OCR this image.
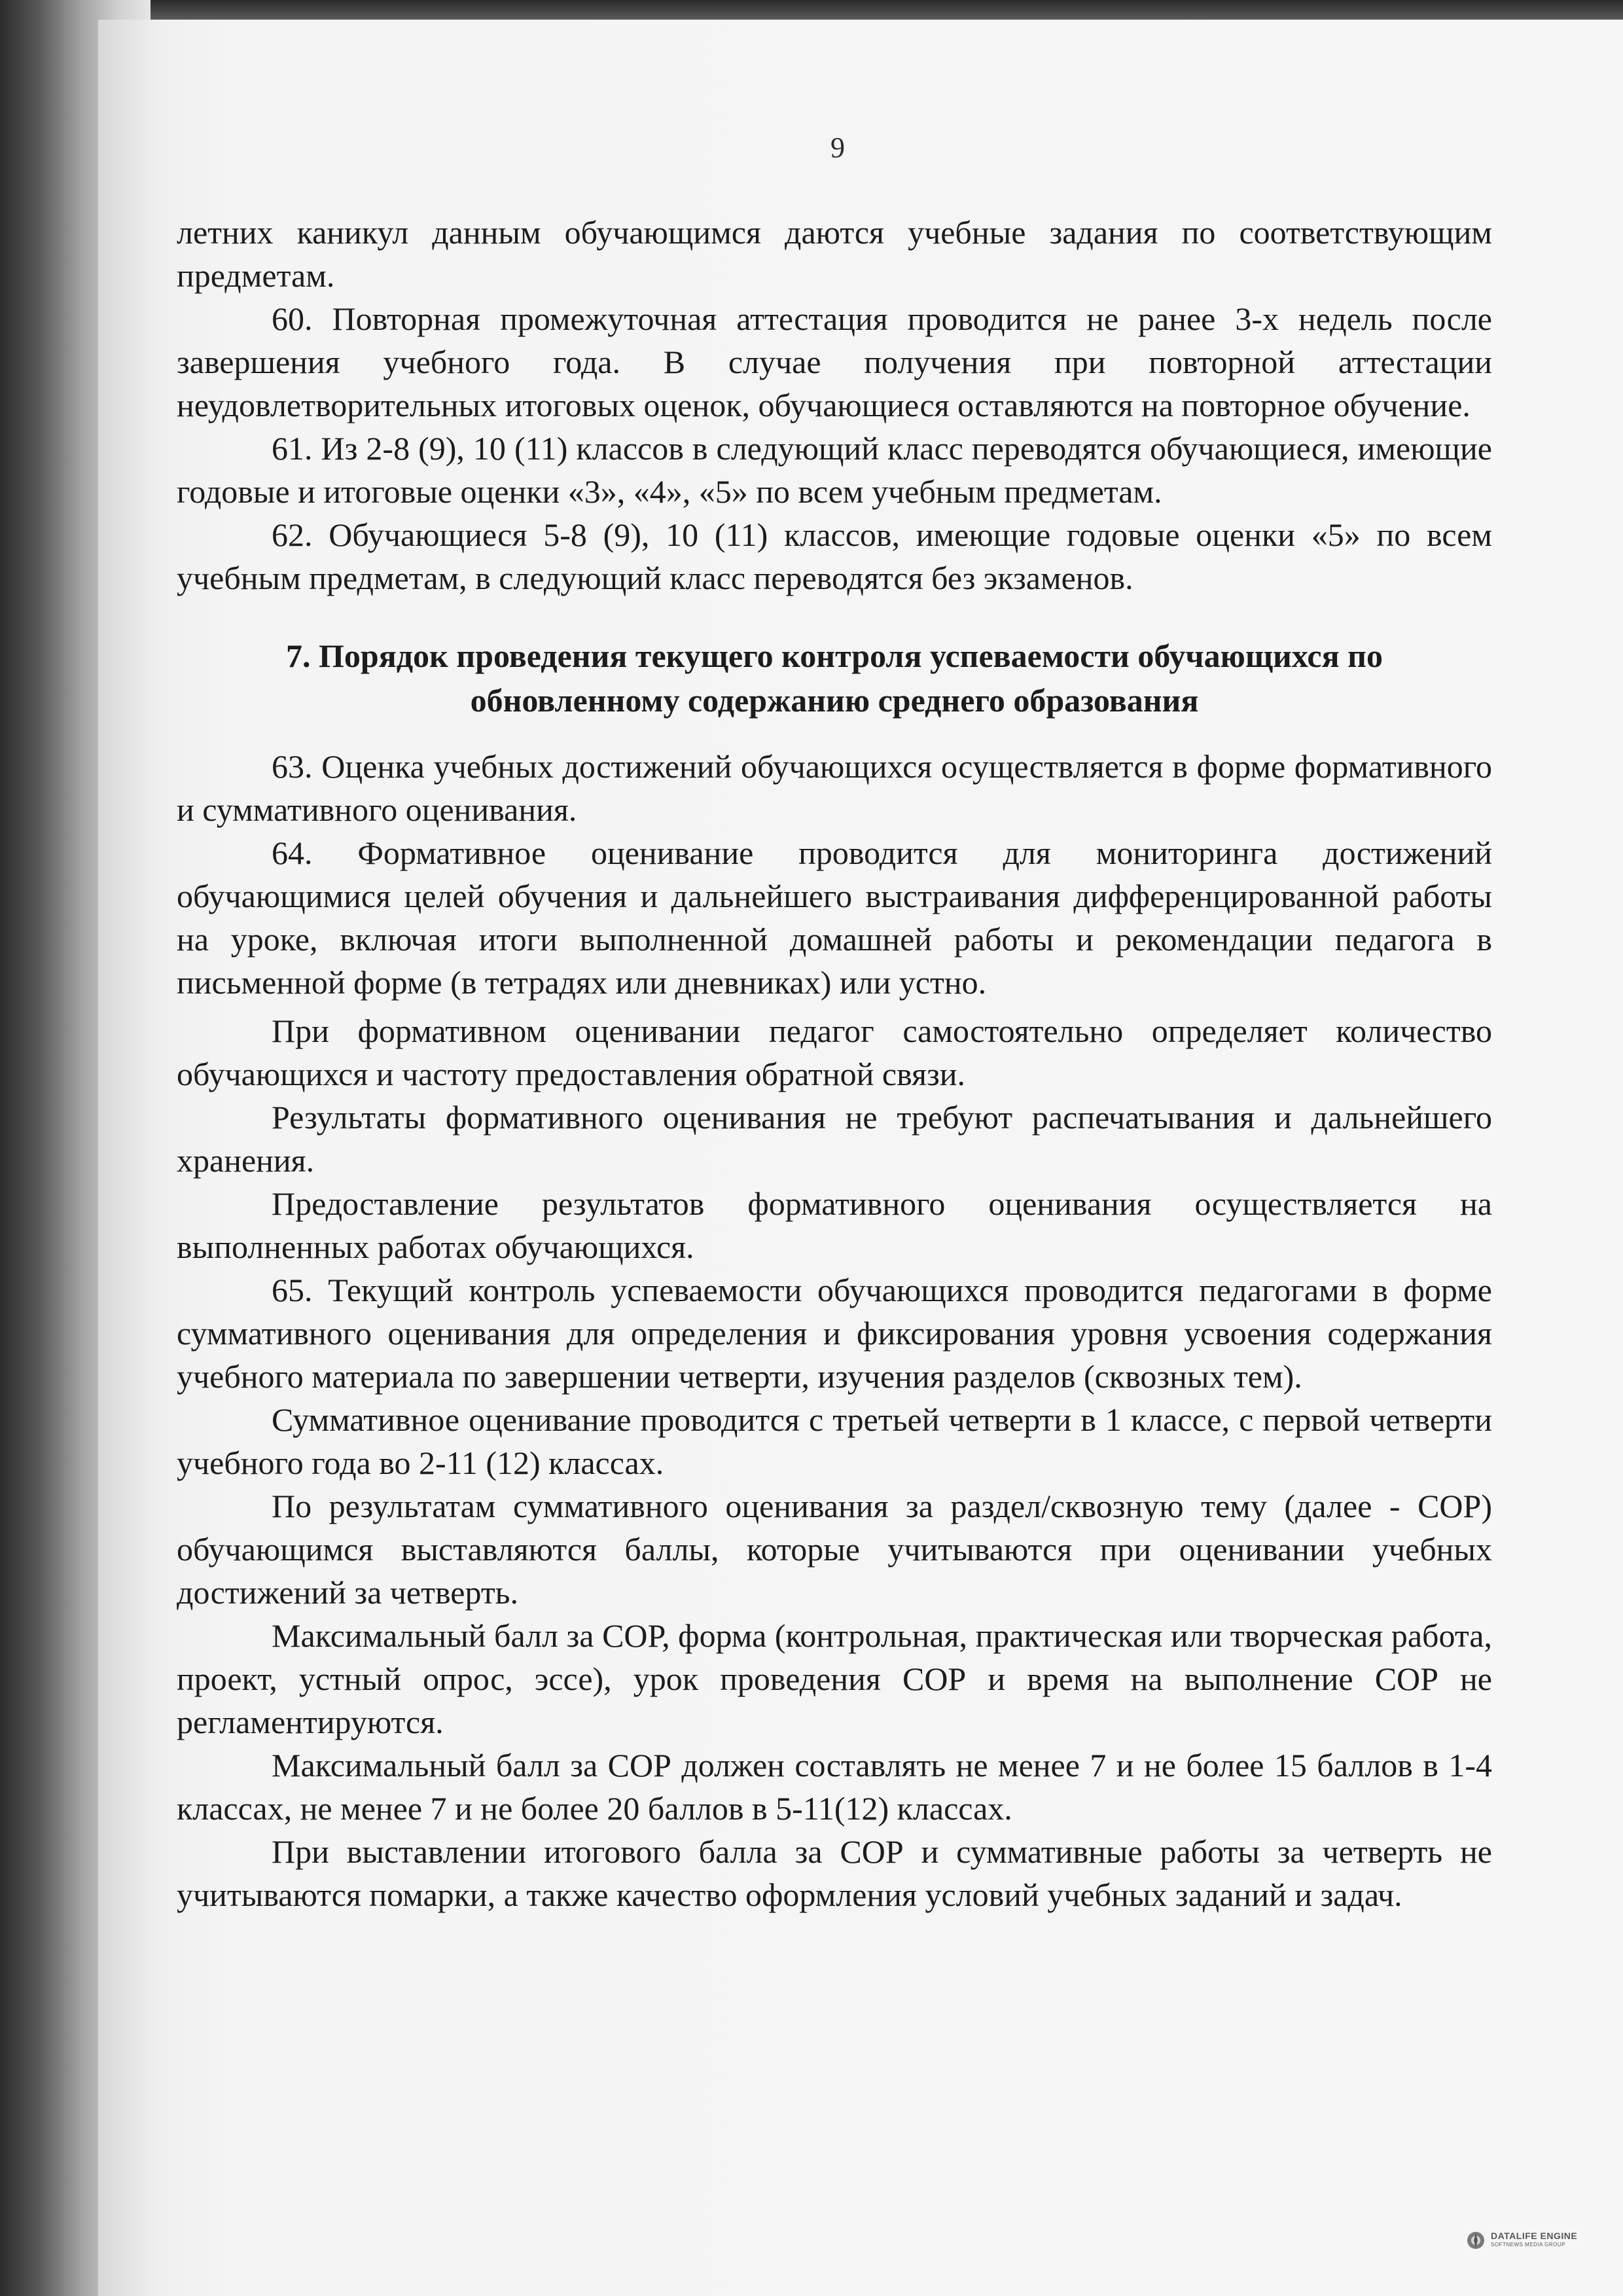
9

летних каникул данным обучающимся даются учебные задания по соответствующим предметам.

60. Повторная промежуточная аттестация проводится не ранее 3-х недель после завершения учебного года. В случае получения при повторной аттестации неудовлетворительных итоговых оценок, обучающиеся оставляются на повторное обучение.

61. Из 2-8 (9), 10 (11) классов в следующий класс переводятся обучающиеся, имеющие годовые и итоговые оценки «3», «4», «5» по всем учебным предметам.

62. Обучающиеся 5-8 (9), 10 (11) классов, имеющие годовые оценки «5» по всем учебным предметам, в следующий класс переводятся без экзаменов.

7. Порядок проведения текущего контроля успеваемости обучающихся по
обновленному содержанию среднего образования

63. Оценка учебных достижений обучающихся осуществляется в форме формативного и суммативного оценивания.

64. Формативное оценивание проводится для мониторинга достижений обучающимися целей обучения и дальнейшего выстраивания дифференцированной работы на уроке, включая итоги выполненной домашней работы и рекомендации педагога в письменной форме (в тетрадях или дневниках) или устно.

При формативном оценивании педагог самостоятельно определяет количество обучающихся и частоту предоставления обратной связи.

Результаты формативного оценивания не требуют распечатывания и дальнейшего хранения.

Предоставление результатов формативного оценивания осуществляется на выполненных работах обучающихся.

65. Текущий контроль успеваемости обучающихся проводится педагогами в форме суммативного оценивания для определения и фиксирования уровня усвоения содержания учебного материала по завершении четверти, изучения разделов (сквозных тем).

Суммативное оценивание проводится с третьей четверти в 1 классе, с первой четверти учебного года во 2-11 (12) классах.

По результатам суммативного оценивания за раздел/сквозную тему (далее - СОР) обучающимся выставляются баллы, которые учитываются при оценивании учебных достижений за четверть.

Максимальный балл за СОР, форма (контрольная, практическая или творческая работа, проект, устный опрос, эссе), урок проведения СОР и время на выполнение СОР не регламентируются.

Максимальный балл за СОР должен составлять не менее 7 и не более 15 баллов в 1-4 классах, не менее 7 и не более 20 баллов в 5-11(12) классах.

При выставлении итогового балла за СОР и суммативные работы за четверть не учитываются помарки, а также качество оформления условий учебных заданий и задач.

DATALIFE ENGINE
SOFTNEWS MEDIA GROUP
